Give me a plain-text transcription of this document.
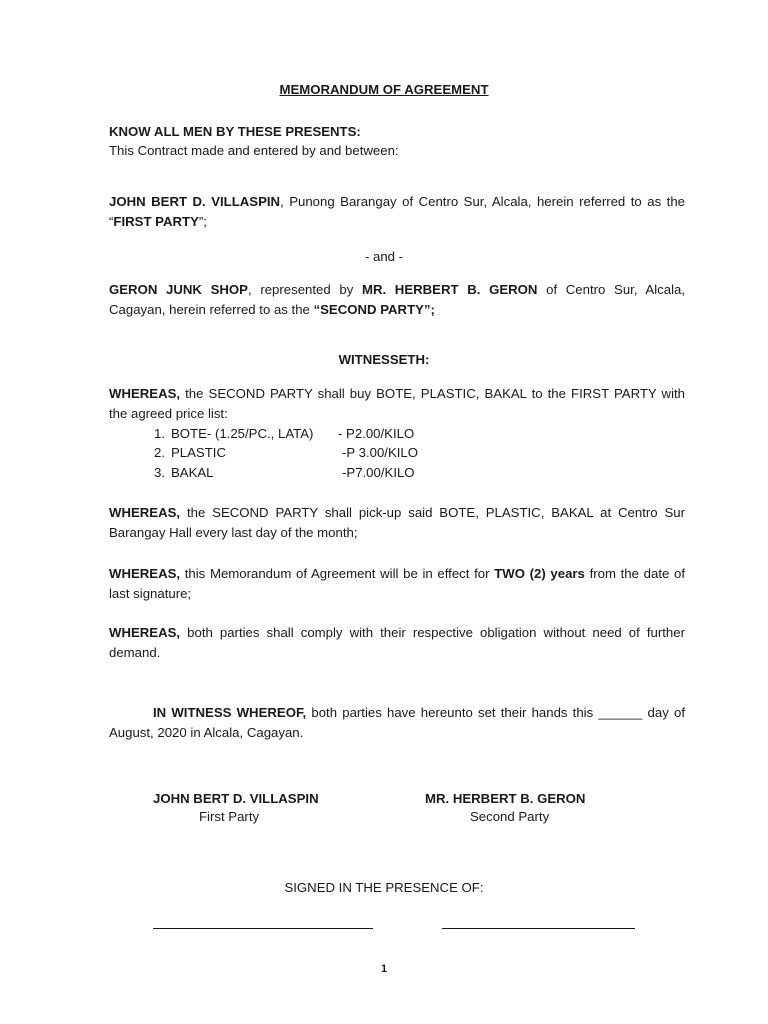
MEMORANDUM OF AGREEMENT
KNOW ALL MEN BY THESE PRESENTS:
This Contract made and entered by and between:

JOHN BERT D. VILLASPIN, Punong Barangay of Centro Sur, Alcala, herein referred to as the “FIRST PARTY”;

- and -

GERON JUNK SHOP, represented by MR. HERBERT B. GERON of Centro Sur, Alcala, Cagayan, herein referred to as the “SECOND PARTY”;

WITNESSETH:

WHEREAS, the SECOND PARTY shall buy BOTE, PLASTIC, BAKAL to the FIRST PARTY with the agreed price list:

1. BOTE- (1.25/PC., LATA) - P2.00/KILO
2. PLASTIC	-P 3.00/KILO
3. BAKAL	-P7.00/KILO

WHEREAS, the SECOND PARTY shall pick-up said BOTE, PLASTIC, BAKAL at Centro Sur Barangay Hall every last day of the month;

WHEREAS, this Memorandum of Agreement will be in effect for TWO (2) years from the date of last signature;

WHEREAS, both parties shall comply with their respective obligation without need of further demand.

IN WITNESS WHEREOF, both parties have hereunto set their hands this ______ day of August, 2020 in Alcala, Cagayan.

JOHN BERT D. VILLASPIN
First Party
MR. HERBERT B. GERON
Second Party
SIGNED IN THE PRESENCE OF:
1
